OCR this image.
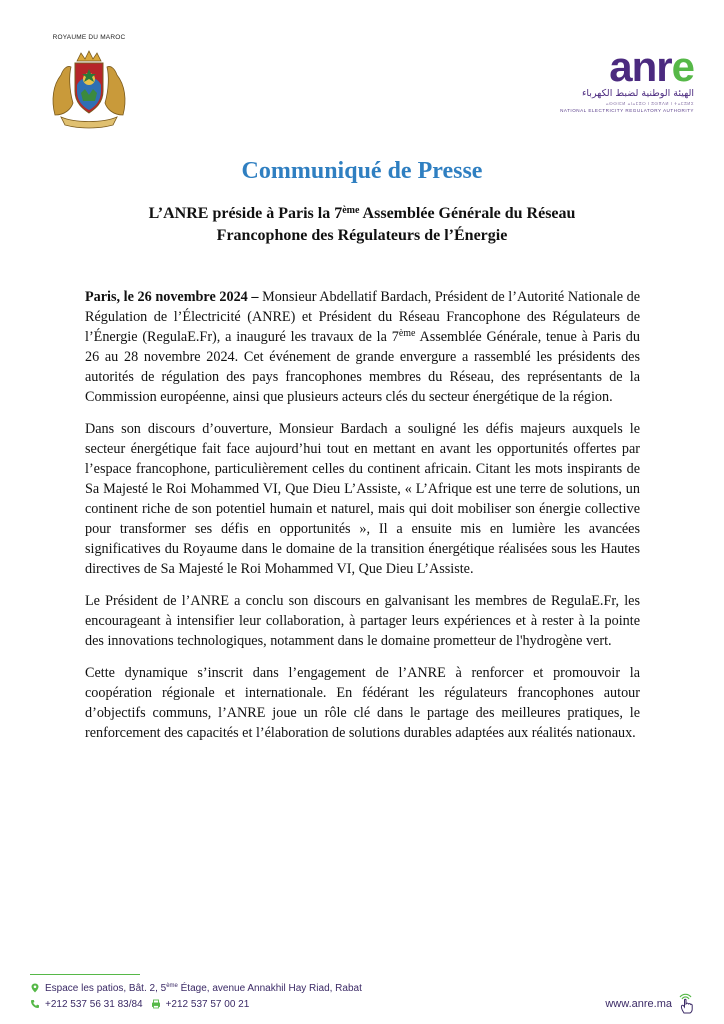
ROYAUME DU MAROC
anre
الهيئة الوطنية لضبط الكهرباء
ⴰⵙⵙⵏⵎⵍ ⴰⵏⴰⵎⵓⵔ ⵏ ⵓⵙⴳⴷⵍ ⵏ ⵜⴰⵎⵓⵍⵉ
NATIONAL ELECTRICITY REGULATORY AUTHORITY
Communiqué de Presse
L’ANRE préside à Paris la 7ème Assemblée Générale du Réseau
Francophone des Régulateurs de l’Énergie

Paris, le 26 novembre 2024 – Monsieur Abdellatif Bardach, Président de l’Autorité Nationale de Régulation de l’Électricité (ANRE) et Président du Réseau Francophone des Régulateurs de l’Énergie (RegulaE.Fr), a inauguré les travaux de la 7ème Assemblée Générale, tenue à Paris du 26 au 28 novembre 2024. Cet événement de grande envergure a rassemblé les présidents des autorités de régulation des pays francophones membres du Réseau, des représentants de la Commission européenne, ainsi que plusieurs acteurs clés du secteur énergétique de la région.

Dans son discours d’ouverture, Monsieur Bardach a souligné les défis majeurs auxquels le secteur énergétique fait face aujourd’hui tout en mettant en avant les opportunités offertes par l’espace francophone, particulièrement celles du continent africain. Citant les mots inspirants de Sa Majesté le Roi Mohammed VI, Que Dieu L’Assiste, « L’Afrique est une terre de solutions, un continent riche de son potentiel humain et naturel, mais qui doit mobiliser son énergie collective pour transformer ses défis en opportunités », Il a ensuite mis en lumière les avancées significatives du Royaume dans le domaine de la transition énergétique réalisées sous les Hautes directives de Sa Majesté le Roi Mohammed VI, Que Dieu L’Assiste.

Le Président de l’ANRE a conclu son discours en galvanisant les membres de RegulaE.Fr, les encourageant à intensifier leur collaboration, à partager leurs expériences et à rester à la pointe des innovations technologiques, notamment dans le domaine prometteur de l'hydrogène vert.

Cette dynamique s’inscrit dans l’engagement de l’ANRE à renforcer et promouvoir la coopération régionale et internationale. En fédérant les régulateurs francophones autour d’objectifs communs, l’ANRE joue un rôle clé dans le partage des meilleures pratiques, le renforcement des capacités et l’élaboration de solutions durables adaptées aux réalités nationaux.

Espace les patios, Bât. 2, 5ème Étage, avenue Annakhil Hay Riad, Rabat
+212 537 56 31 83/84 +212 537 57 00 21	www.anre.ma
